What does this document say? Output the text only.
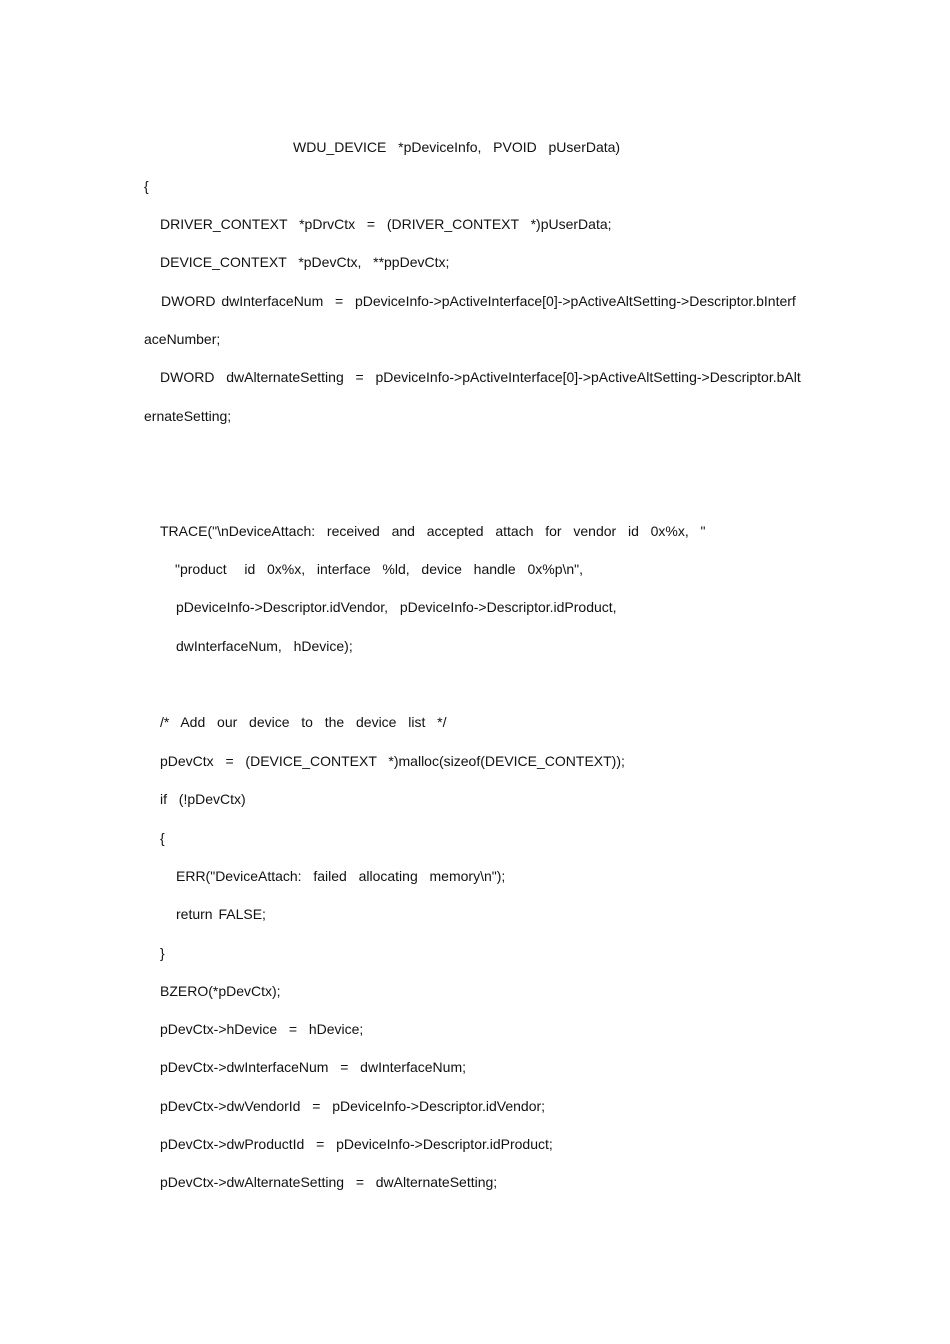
WDU_DEVICE  *pDeviceInfo,  PVOID  pUserData)
{
DRIVER_CONTEXT  *pDrvCtx  =  (DRIVER_CONTEXT  *)pUserData;
DEVICE_CONTEXT  *pDevCtx,  **ppDevCtx;
DWORD dwInterfaceNum  =  pDeviceInfo->pActiveInterface[0]->pActiveAltSetting->Descriptor.bInterf
aceNumber;
DWORD  dwAlternateSetting  =  pDeviceInfo->pActiveInterface[0]->pActiveAltSetting->Descriptor.bAlt
ernateSetting;
TRACE("\nDeviceAttach:  received  and  accepted  attach  for  vendor  id  0x%x,  "
"product   id  0x%x,  interface  %ld,  device  handle  0x%p\n",
pDeviceInfo->Descriptor.idVendor,  pDeviceInfo->Descriptor.idProduct,
dwInterfaceNum,  hDevice);
/*  Add  our  device  to  the  device  list  */
pDevCtx  =  (DEVICE_CONTEXT  *)malloc(sizeof(DEVICE_CONTEXT));
if  (!pDevCtx)
{
ERR("DeviceAttach:  failed  allocating  memory\n");
return FALSE;
}
BZERO(*pDevCtx);
pDevCtx->hDevice  =  hDevice;
pDevCtx->dwInterfaceNum  =  dwInterfaceNum;
pDevCtx->dwVendorId  =  pDeviceInfo->Descriptor.idVendor;
pDevCtx->dwProductId  =  pDeviceInfo->Descriptor.idProduct;
pDevCtx->dwAlternateSetting  =  dwAlternateSetting;
